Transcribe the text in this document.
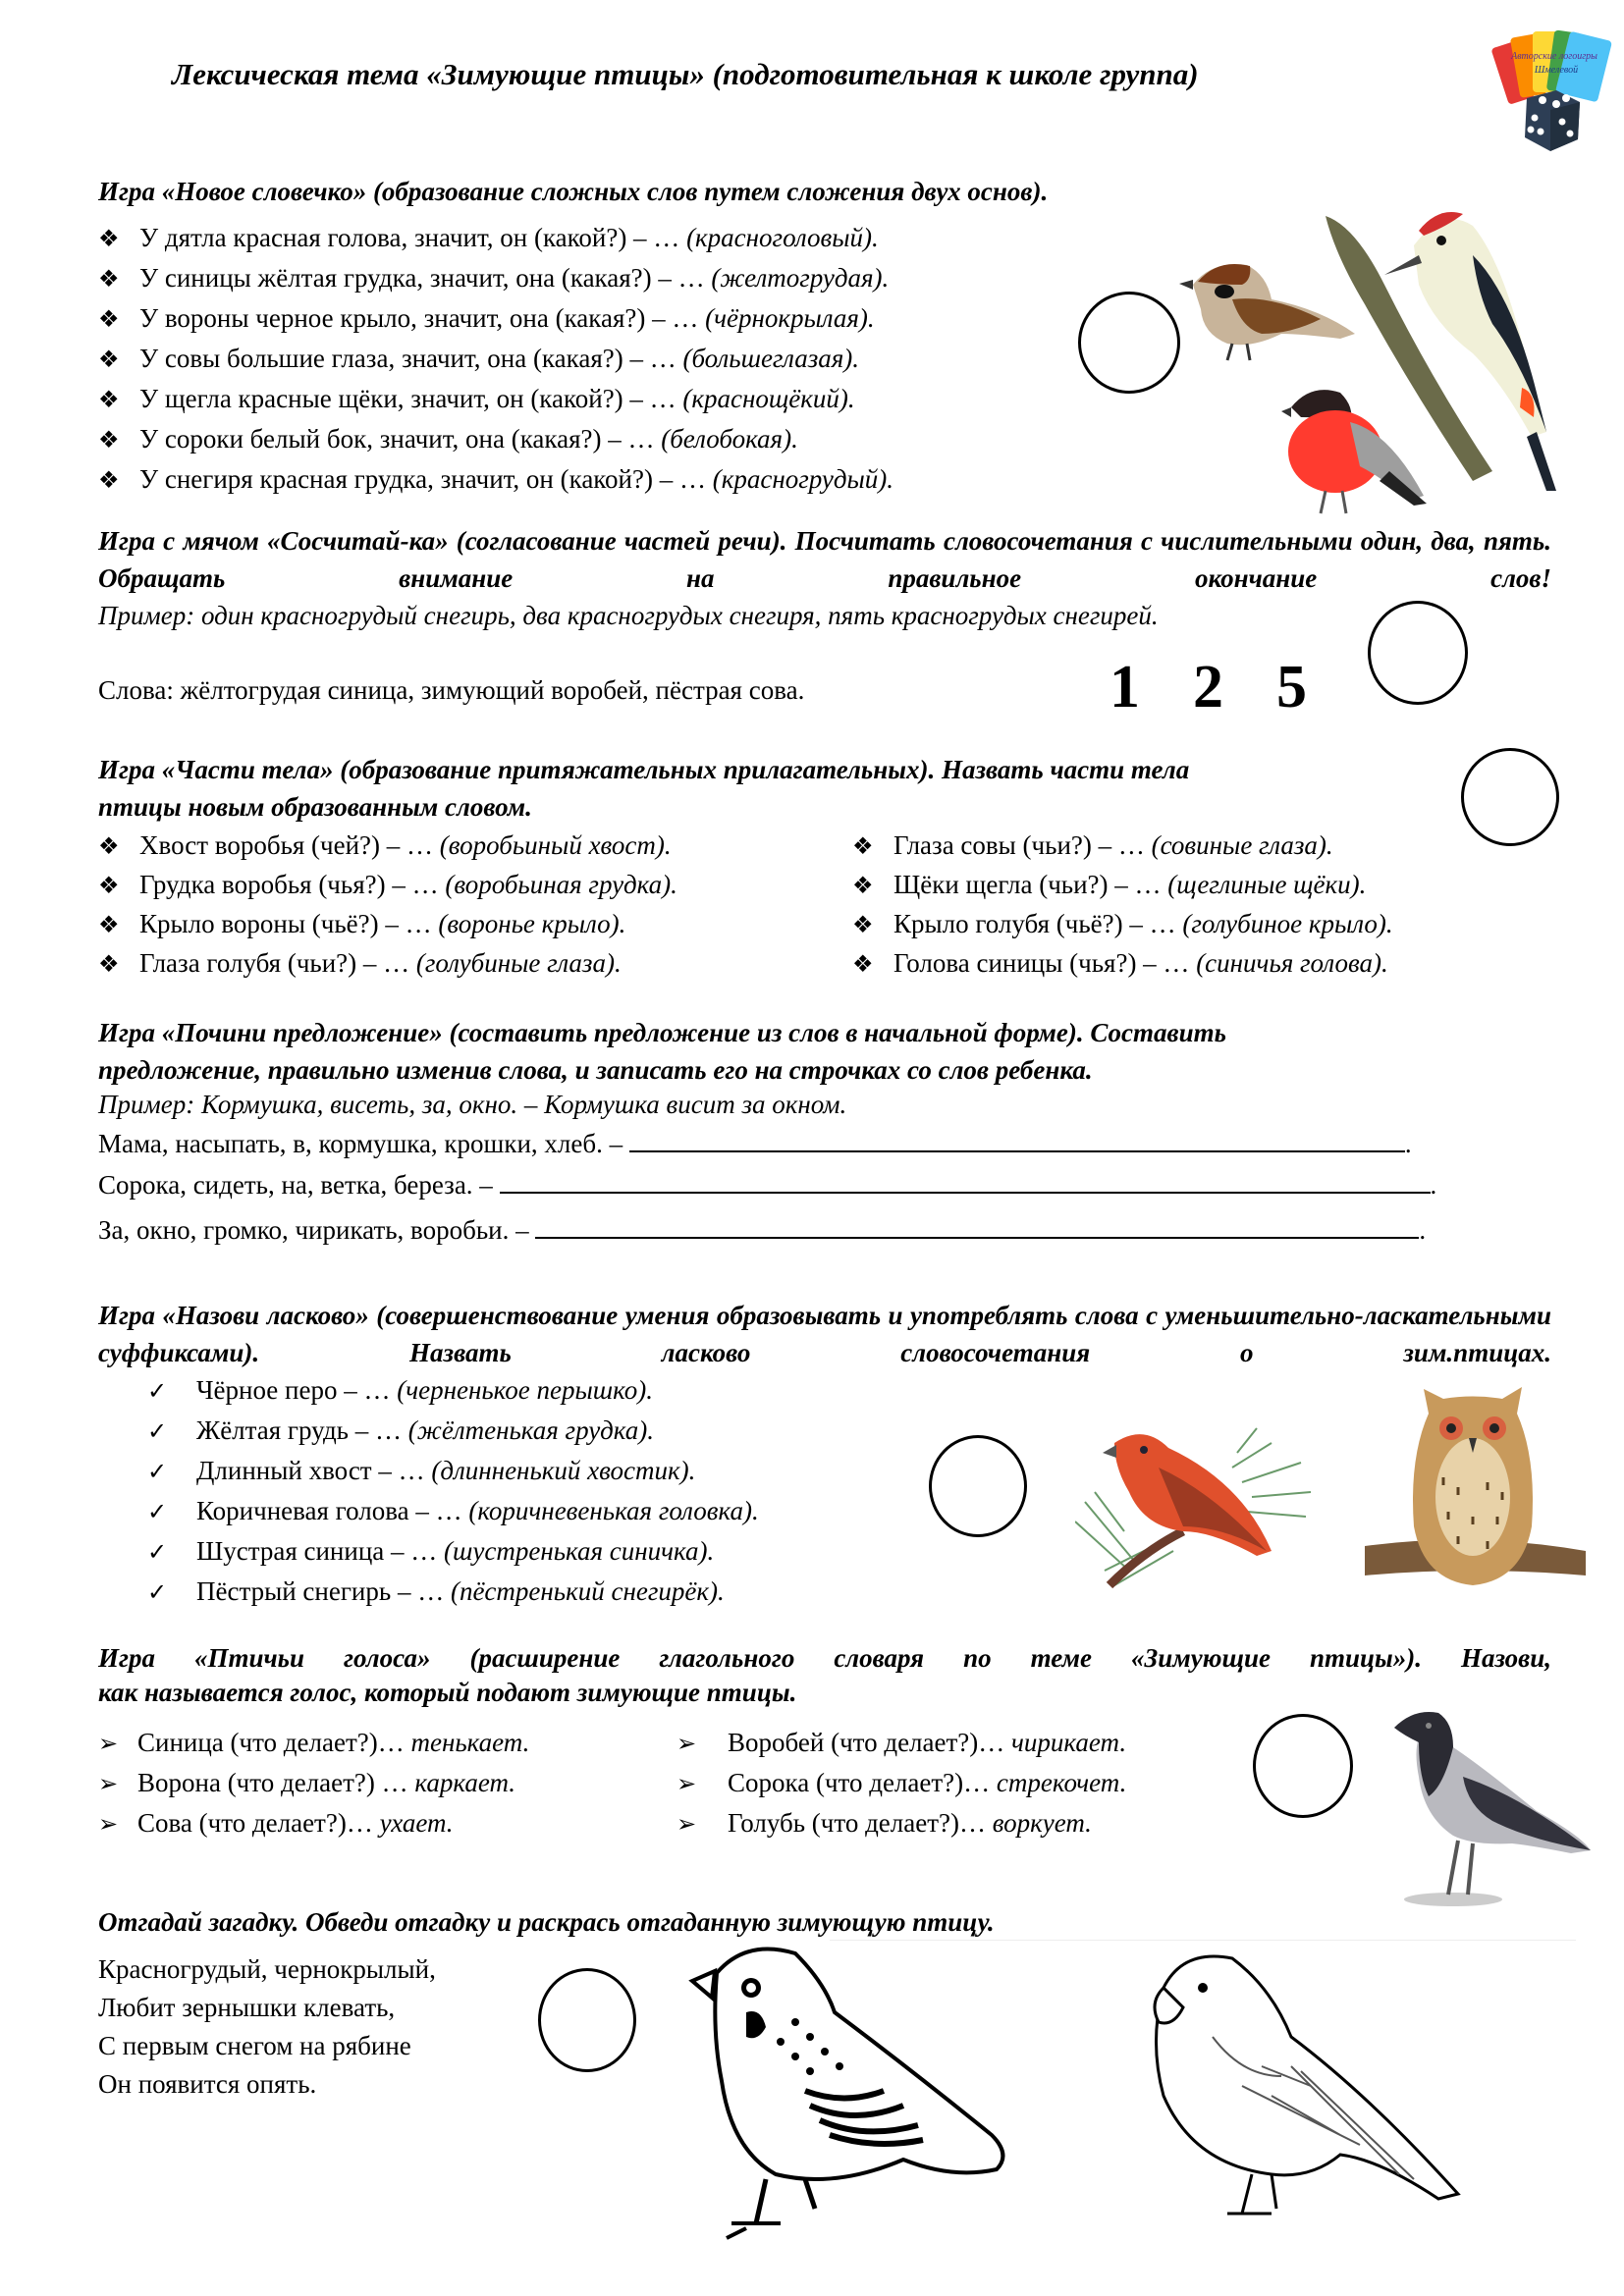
Лексическая тема «Зимующие птицы» (подготовительная к школе группа)
Авторские логоигры
Шмелевой
Игра «Новое словечко» (образование сложных слов путем сложения двух основ).
❖ У дятла красная голова, значит, он (какой?) – … (красноголовый).
❖ У синицы жёлтая грудка, значит, она (какая?) – … (желтогрудая).
❖ У вороны черное крыло, значит, она (какая?) – … (чёрнокрылая).
❖ У совы большие глаза, значит, она (какая?) – … (большеглазая).
❖ У щегла красные щёки, значит, он (какой?) – … (краснощёкий).
❖ У сороки белый бок, значит, она (какая?) – … (белобокая).
❖ У снегиря красная грудка, значит, он (какой?) – … (красногрудый).
Игра с мячом «Сосчитай-ка» (согласование частей речи). Посчитать словосочетания с числительными один, два, пять. Обращать внимание на правильное окончание слов!
Пример: один красногрудый снегирь, два красногрудых снегиря, пять красногрудых снегирей.
Слова: жёлтогрудая синица, зимующий воробей, пёстрая сова.	1 2 5
Игра «Части тела» (образование притяжательных прилагательных). Назвать части тела
птицы новым образованным словом.
❖ Хвост воробья (чей?) – … (воробьиный хвост).
❖ Грудка воробья (чья?) – … (воробьиная грудка).
❖ Крыло вороны (чьё?) – … (воронье крыло).
❖ Глаза голубя (чьи?) – … (голубиные глаза).
❖ Глаза совы (чьи?) – … (совиные глаза).
❖ Щёки щегла (чьи?) – … (щеглиные щёки).
❖ Крыло голубя (чьё?) – … (голубиное крыло).
❖ Голова синицы (чья?) – … (синичья голова).
Игра «Почини предложение» (составить предложение из слов в начальной форме). Составить
предложение, правильно изменив слова, и записать его на строчках со слов ребенка.
Пример: Кормушка, висеть, за, окно. – Кормушка висит за окном.
Мама, насыпать, в, кормушка, крошки, хлеб. –	.
Сорока, сидеть, на, ветка, береза. –	.
За, окно, громко, чирикать, воробьи. –	.
Игра «Назови ласково» (совершенствование умения образовывать и употреблять слова с уменьшительно-ласкательными суффиксами). Назвать ласково словосочетания о зим.птицах.
✓ Чёрное перо – … (черненькое перышко).
✓ Жёлтая грудь – … (жёлтенькая грудка).
✓ Длинный хвост – … (длинненький хвостик).
✓ Коричневая голова – … (коричневенькая головка).
✓ Шустрая синица – … (шустренькая синичка).
✓ Пёстрый снегирь – … (пёстренький снегирёк).
Игра «Птичьи голоса» (расширение глагольного словаря по теме «Зимующие птицы»). Назови,
как называется голос, который подают зимующие птицы.
➢ Синица (что делает?)… тенькает.
➢ Ворона (что делает?) … каркает.
➢ Сова (что делает?)… ухает.
➢ Воробей (что делает?)… чирикает.
➢ Сорока (что делает?)… стрекочет.
➢ Голубь (что делает?)… воркует.
Отгадай загадку. Обведи отгадку и раскрась отгаданную зимующую птицу.
Красногрудый, чернокрылый,
Любит зернышки клевать,
С первым снегом на рябине
Он появится опять.
